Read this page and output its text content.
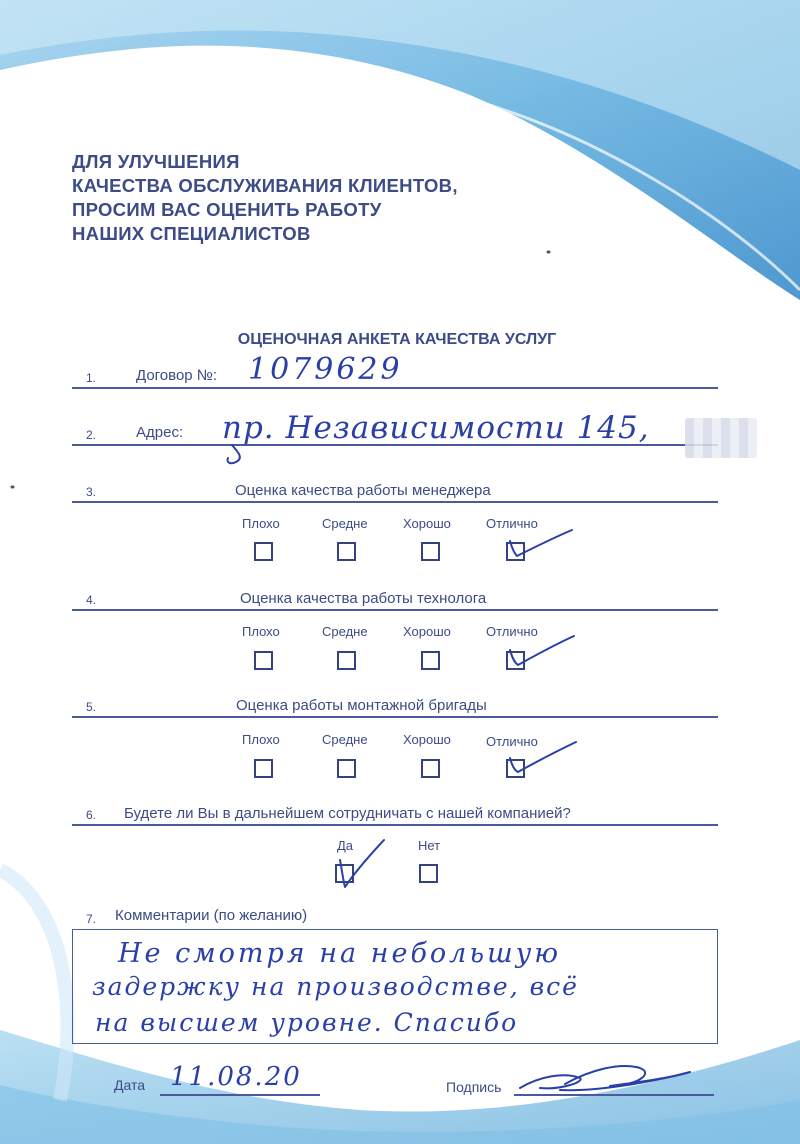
ДЛЯ УЛУЧШЕНИЯ
КАЧЕСТВА ОБСЛУЖИВАНИЯ КЛИЕНТОВ,
ПРОСИМ ВАС ОЦЕНИТЬ РАБОТУ
НАШИХ СПЕЦИАЛИСТОВ
ОЦЕНОЧНАЯ АНКЕТА КАЧЕСТВА УСЛУГ
1.	Договор №: 1079629
2.	Адрес: пр. Независимости 145,
3.	Оценка качества работы менеджера
Плохо	Средне	Хорошо	Отлично
4.	Оценка качества работы технолога
Плохо	Средне	Хорошо	Отлично
5.	Оценка работы монтажной бригады
Плохо	Средне	Хорошо	Отлично
6. Будете ли Вы в дальнейшем сотрудничать с нашей компанией?
Да	Нет
7. Комментарии (по желанию)
Не смотря на небольшую
задержку на производстве, всё
на высшем уровне. Спасибо
Дата 11.08.20	Подпись
